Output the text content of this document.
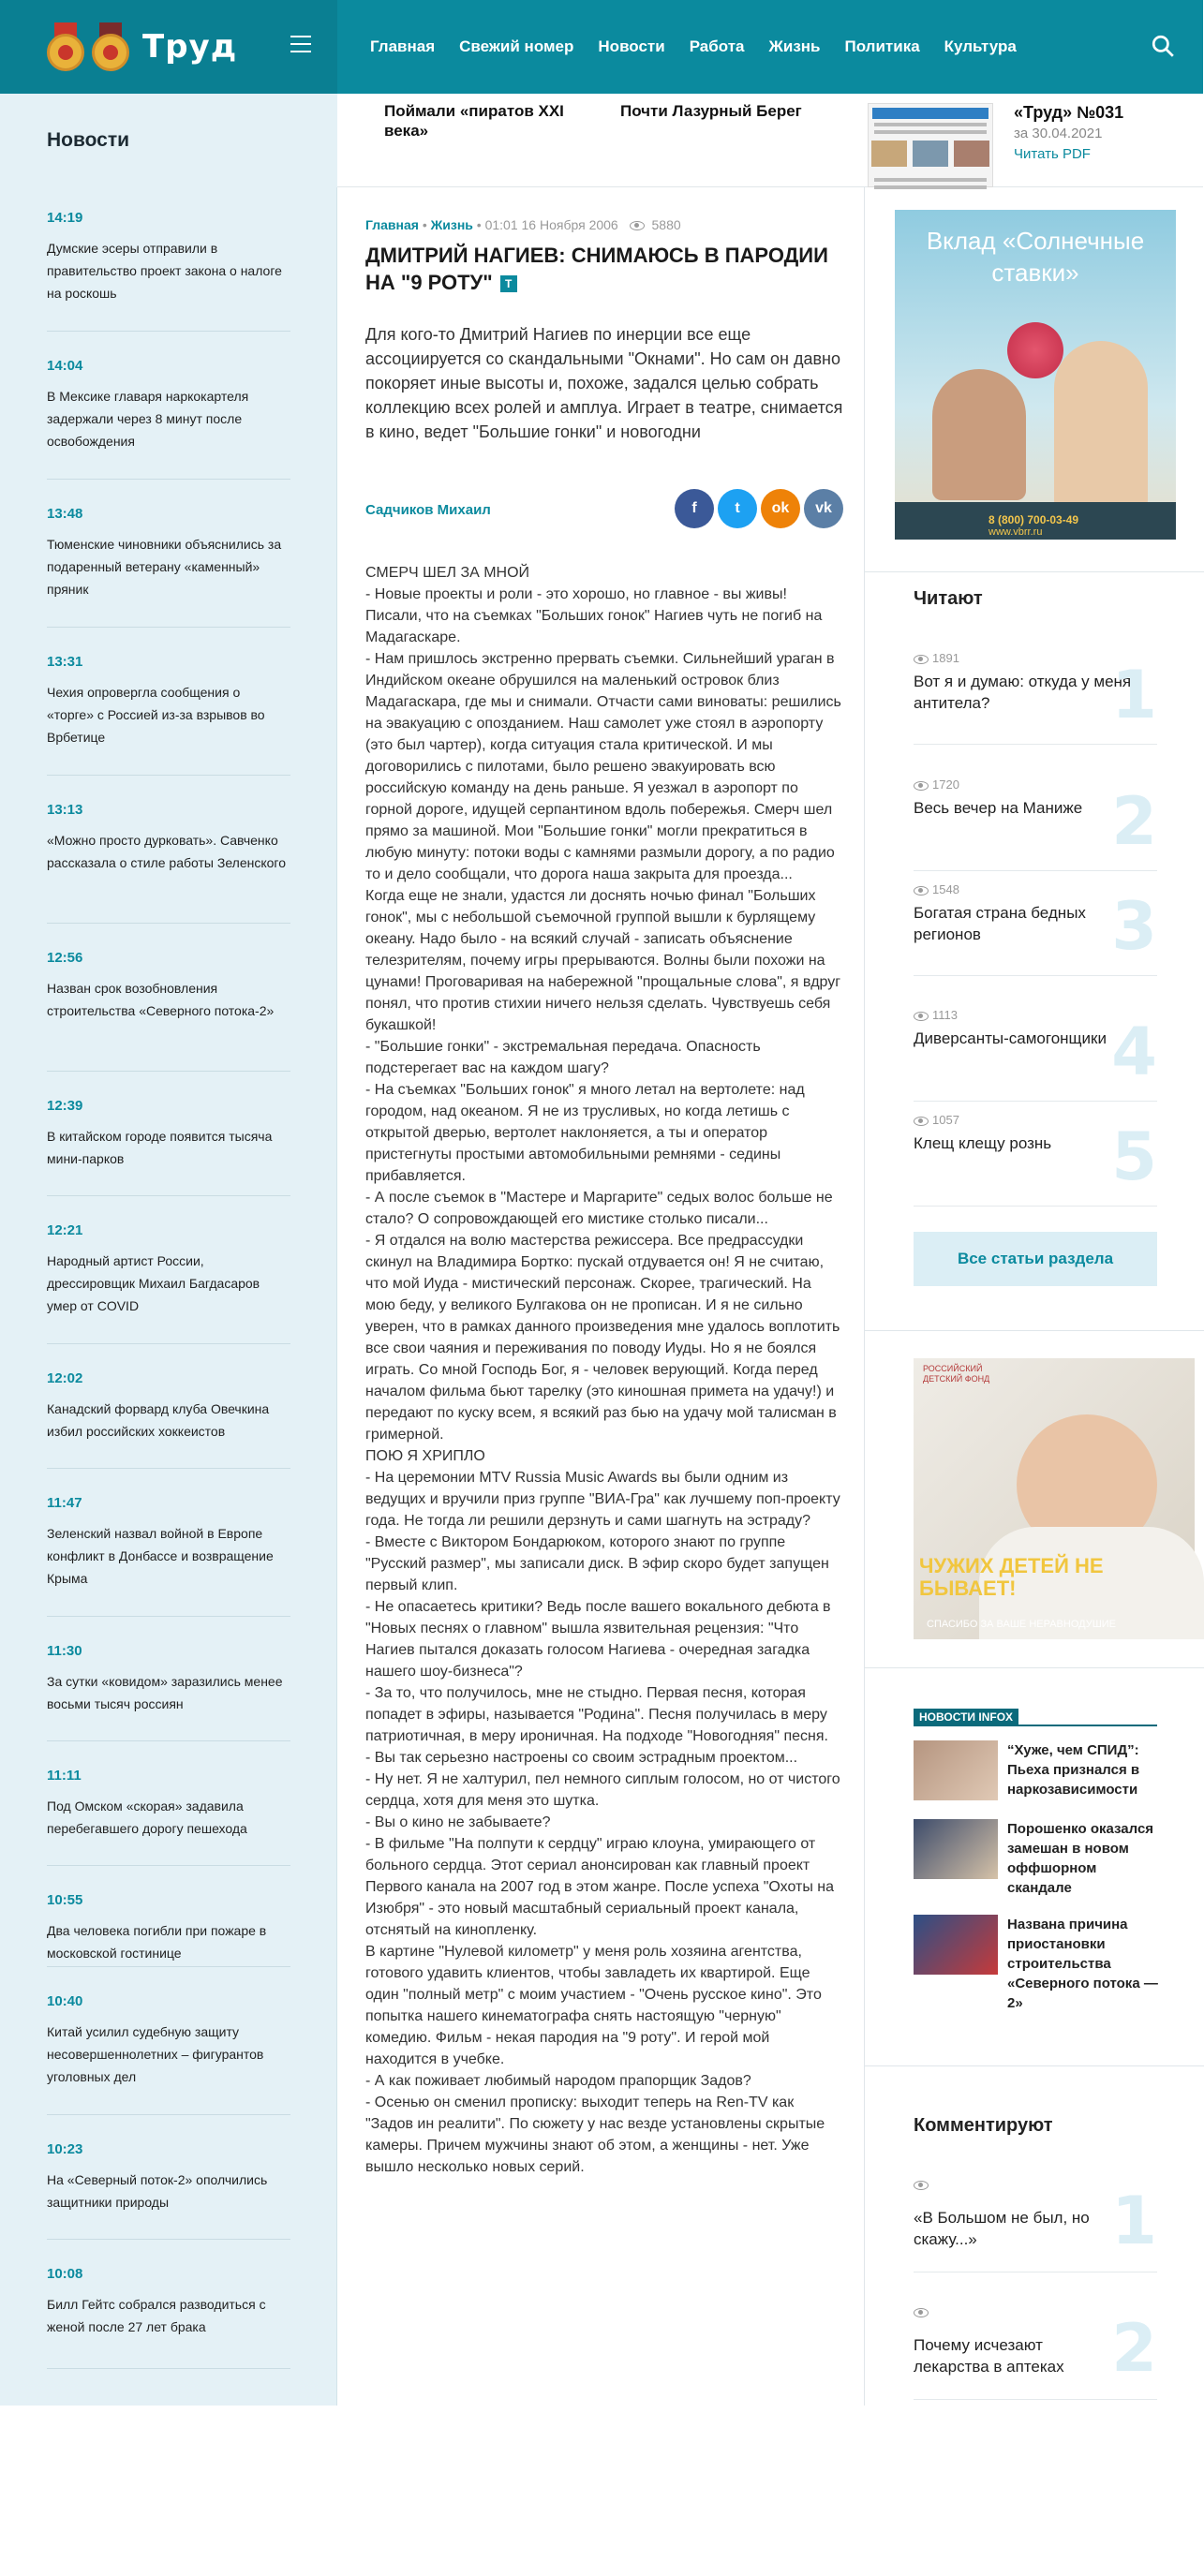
Труд	Главная Свежий номер Новости Работа Жизнь Политика Культура
Новости
Поймали «пиратов XXI века»
Почти Лазурный Берег	«Труд» №031
за 30.04.2021
Читать PDF
14:19
Думские эсеры отправили в правительство проект закона о налоге на роскошь
14:04
В Мексике главаря наркокартеля задержали через 8 минут после освобождения
13:48
Тюменские чиновники объяснились за подаренный ветерану «каменный» пряник
13:31
Чехия опровергла сообщения о «торге» с Россией из-за взрывов во Врбетице
13:13
«Можно просто дурковать». Савченко рассказала о стиле работы Зеленского
12:56
Назван срок возобновления строительства «Северного потока-2»
12:39
В китайском городе появится тысяча мини-парков
12:21
Народный артист России, дрессировщик Михаил Багдасаров умер от COVID
12:02
Канадский форвард клуба Овечкина избил российских хоккеистов
11:47
Зеленский назвал войной в Европе конфликт в Донбассе и возвращение Крыма
11:30
За сутки «ковидом» заразились менее восьми тысяч россиян
11:11
Под Омском «скорая» задавила перебегавшего дорогу пешехода
10:55
Два человека погибли при пожаре в московской гостинице
10:40
Китай усилил судебную защиту несовершеннолетних – фигурантов уголовных дел
10:23
На «Северный поток-2» ополчились защитники природы
10:08
Билл Гейтс собрался разводиться с женой после 27 лет брака
Главная • Жизнь • 01:01 16 Ноября 2006	5880
ДМИТРИЙ НАГИЕВ: СНИМАЮСЬ В ПАРОДИИ НА "9 РОТУ" Т

Для кого-то Дмитрий Нагиев по инерции все еще ассоциируется со скандальными "Окнами". Но сам он давно покоряет иные высоты и, похоже, задался целью собрать коллекцию всех ролей и амплуа. Играет в театре, снимается в кино, ведет "Большие гонки" и новогодни

Садчиков Михаил	f	t	ok	vk
СМЕРЧ ШЕЛ ЗА МНОЙ
- Новые проекты и роли - это хорошо, но главное - вы живы! Писали, что на съемках "Больших гонок" Нагиев чуть не погиб на Мадагаскаре.
- Нам пришлось экстренно прервать съемки. Сильнейший ураган в Индийском океане обрушился на маленький островок близ Мадагаскара, где мы и снимали. Отчасти сами виноваты: решились на эвакуацию с опозданием. Наш самолет уже стоял в аэропорту (это был чартер), когда ситуация стала критической. И мы договорились с пилотами, было решено эвакуировать всю российскую команду на день раньше. Я уезжал в аэропорт по горной дороге, идущей серпантином вдоль побережья. Смерч шел прямо за машиной. Мои "Большие гонки" могли прекратиться в любую минуту: потоки воды с камнями размыли дорогу, а по радио то и дело сообщали, что дорога наша закрыта для проезда...
Когда еще не знали, удастся ли доснять ночью финал "Больших гонок", мы с небольшой съемочной группой вышли к бурлящему океану. Надо было - на всякий случай - записать объяснение телезрителям, почему игры прерываются. Волны были похожи на цунами! Проговаривая на набережной "прощальные слова", я вдруг понял, что против стихии ничего нельзя сделать. Чувствуешь себя букашкой!
- "Большие гонки" - экстремальная передача. Опасность подстерегает вас на каждом шагу?
- На съемках "Больших гонок" я много летал на вертолете: над городом, над океаном. Я не из трусливых, но когда летишь с открытой дверью, вертолет наклоняется, а ты и оператор пристегнуты простыми автомобильными ремнями - седины прибавляется.
- А после съемок в "Мастере и Маргарите" седых волос больше не стало? О сопровождающей его мистике столько писали...
- Я отдался на волю мастерства режиссера. Все предрассудки скинул на Владимира Бортко: пускай отдувается он! Я не считаю, что мой Иуда - мистический персонаж. Скорее, трагический. На мою беду, у великого Булгакова он не прописан. И я не сильно уверен, что в рамках данного произведения мне удалось воплотить все свои чаяния и переживания по поводу Иуды. Но я не боялся играть. Со мной Господь Бог, я - человек верующий. Когда перед началом фильма бьют тарелку (это киношная примета на удачу!) и передают по куску всем, я всякий раз бью на удачу мой талисман в гримерной.
ПОЮ Я ХРИПЛО
- На церемонии MTV Russia Music Awards вы были одним из ведущих и вручили приз группе "ВИА-Гра" как лучшему поп-проекту года. Не тогда ли решили дерзнуть и сами шагнуть на эстраду?
- Вместе с Виктором Бондарюком, которого знают по группе "Русский размер", мы записали диск. В эфир скоро будет запущен первый клип.
- Не опасаетесь критики? Ведь после вашего вокального дебюта в "Новых песнях о главном" вышла язвительная рецензия: "Что Нагиев пытался доказать голосом Нагиева - очередная загадка нашего шоу-бизнеса"?
- За то, что получилось, мне не стыдно. Первая песня, которая попадет в эфиры, называется "Родина". Песня получилась в меру патриотичная, в меру ироничная. На подходе "Новогодняя" песня.
- Вы так серьезно настроены со своим эстрадным проектом...
- Ну нет. Я не халтурил, пел немного сиплым голосом, но от чистого сердца, хотя для меня это шутка.
- Вы о кино не забываете?
- В фильме "На полпути к сердцу" играю клоуна, умирающего от больного сердца. Этот сериал анонсирован как главный проект Первого канала на 2007 год в этом жанре. После успеха "Охоты на Изюбря" - это новый масштабный сериальный проект канала, отснятый на кинопленку.
В картине "Нулевой километр" у меня роль хозяина агентства, готового удавить клиентов, чтобы завладеть их квартирой. Еще один "полный метр" с моим участием - "Очень русское кино". Это попытка нашего кинематографа снять настоящую "черную" комедию. Фильм - некая пародия на "9 роту". И герой мой находится в учебке.
- А как поживает любимый народом прапорщик Задов?
- Осенью он сменил прописку: выходит теперь на Ren-TV как "Задов ин реалити". По сюжету у нас везде установлены скрытые камеры. Причем мужчины знают об этом, а женщины - нет. Уже вышло несколько новых серий.
Вклад «Солнечные ставки»
8 (800) 700-03-49
www.vbrr.ru
Читают
1891
Вот я и думаю: откуда у меня антитела?	1
1720
Весь вечер на Маниже 2
1548
Богатая страна бедных регионов	3
1113
Диверсанты-самогонщики 4
1057
Клещ клещу рознь 5
Все статьи раздела
РОССИЙСКИЙ ДЕТСКИЙ ФОНД
ЧУЖИХ ДЕТЕЙ НЕ БЫВАЕТ!
СПАСИБО ЗА ВАШЕ НЕРАВНОДУШИЕ
НОВОСТИ INFOX
“Хуже, чем СПИД”: Пьеха признался в наркозависимости
Порошенко оказался замешан в новом оффшорном скандале
Названа причина приостановки строительства «Северного потока — 2»
Комментируют
«В Большом не был, но скажу...»	1
Почему исчезают лекарства в аптеках 2
